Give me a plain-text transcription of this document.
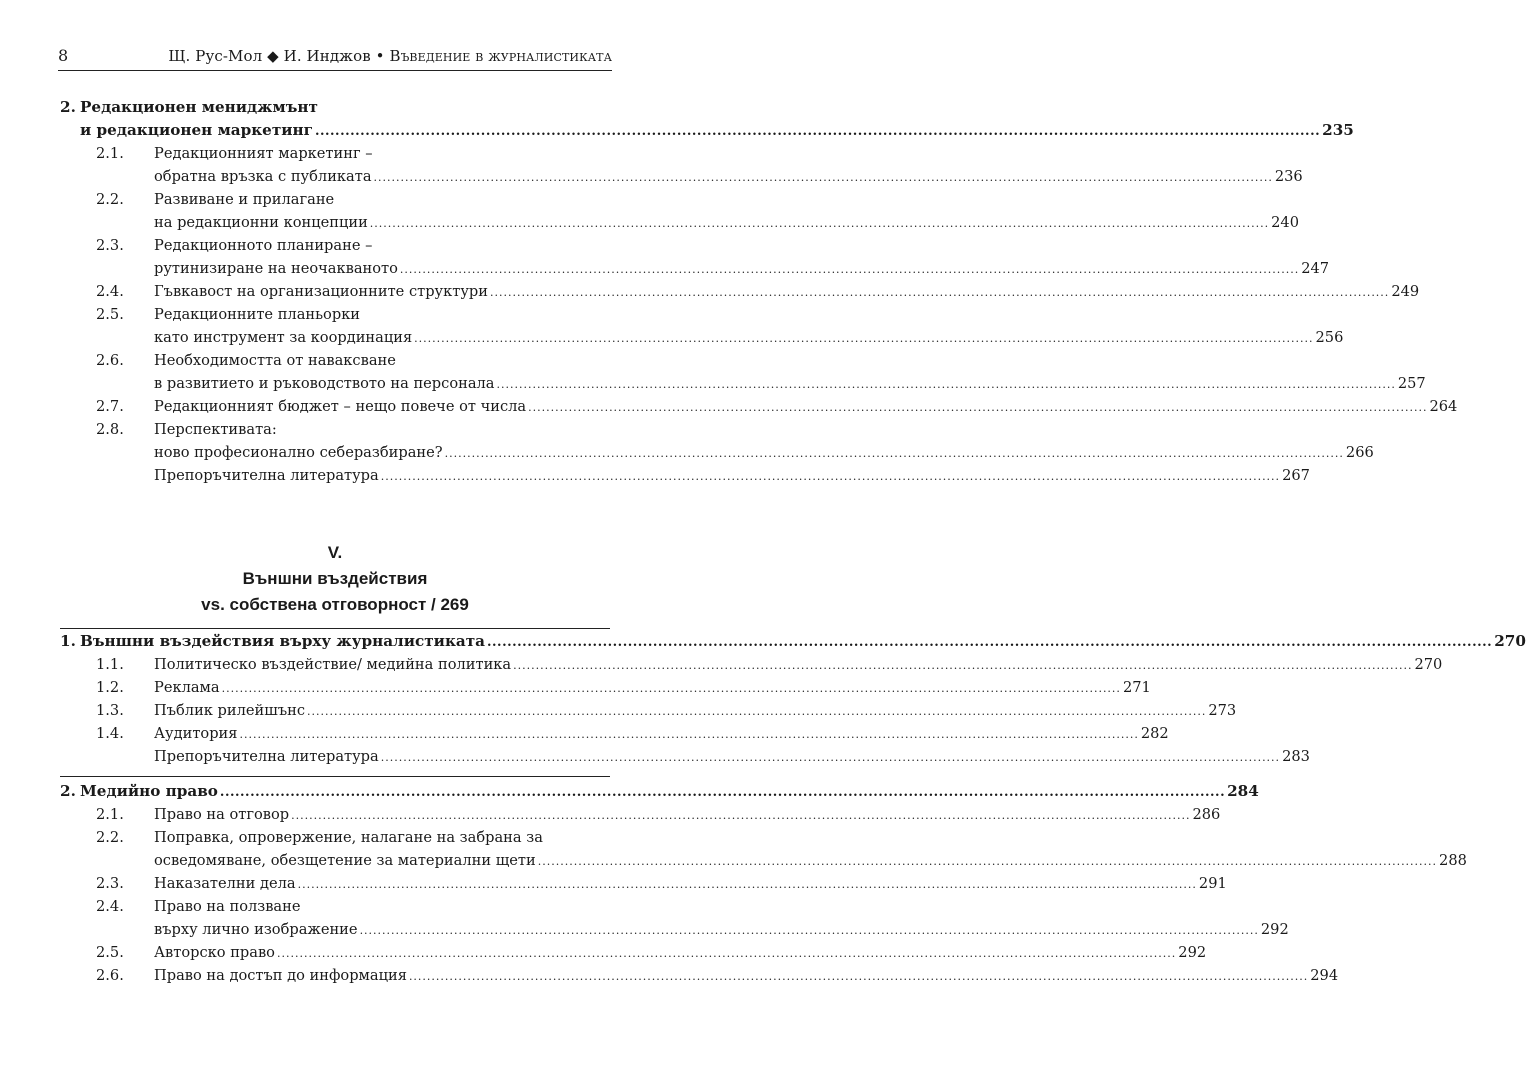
8	Щ. Рус-Мол ◆ И. Инджов • Въведение в журналистиката
2. Редакционен мениджмънт
и редакционен маркетинг ........................................................................................................................................................................................................ 235
2.1. Редакционният маркетинг –
обратна връзка с публиката ........................................................................................................................................................................................................ 236
2.2. Развиване и прилагане
на редакционни концепции ........................................................................................................................................................................................................ 240
2.3. Редакционното планиране –
рутинизиране на неочакваното ........................................................................................................................................................................................................ 247
2.4. Гъвкавост на организационните структури ........................................................................................................................................................................................................ 249
2.5. Редакционните планьорки
като инструмент за координация ........................................................................................................................................................................................................ 256
2.6. Необходимостта от наваксване
в развитието и ръководството на персонала ........................................................................................................................................................................................................ 257
2.7. Редакционният бюджет – нещо повече от числа ........................................................................................................................................................................................................ 264
2.8. Перспективата:
ново професионално себеразбиране? ........................................................................................................................................................................................................ 266
Препоръчителна литература ........................................................................................................................................................................................................ 267
V.
Външни въздействия
vs. собствена отговорност / 269
1. Външни въздействия върху журналистиката ........................................................................................................................................................................................................ 270
1.1. Политическо въздействие/ медийна политика ........................................................................................................................................................................................................ 270
1.2. Реклама ........................................................................................................................................................................................................ 271
1.3. Пъблик рилейшънс ........................................................................................................................................................................................................ 273
1.4. Аудитория ........................................................................................................................................................................................................ 282
Препоръчителна литература ........................................................................................................................................................................................................ 283
2. Медийно право ........................................................................................................................................................................................................ 284
2.1. Право на отговор ........................................................................................................................................................................................................ 286
2.2. Поправка, опровержение, налагане на забрана за
осведомяване, обезщетение за материални щети ........................................................................................................................................................................................................ 288
2.3. Наказателни дела ........................................................................................................................................................................................................ 291
2.4. Право на ползване
върху лично изображение ........................................................................................................................................................................................................ 292
2.5. Авторско право ........................................................................................................................................................................................................ 292
2.6. Право на достъп до информация ........................................................................................................................................................................................................ 294
